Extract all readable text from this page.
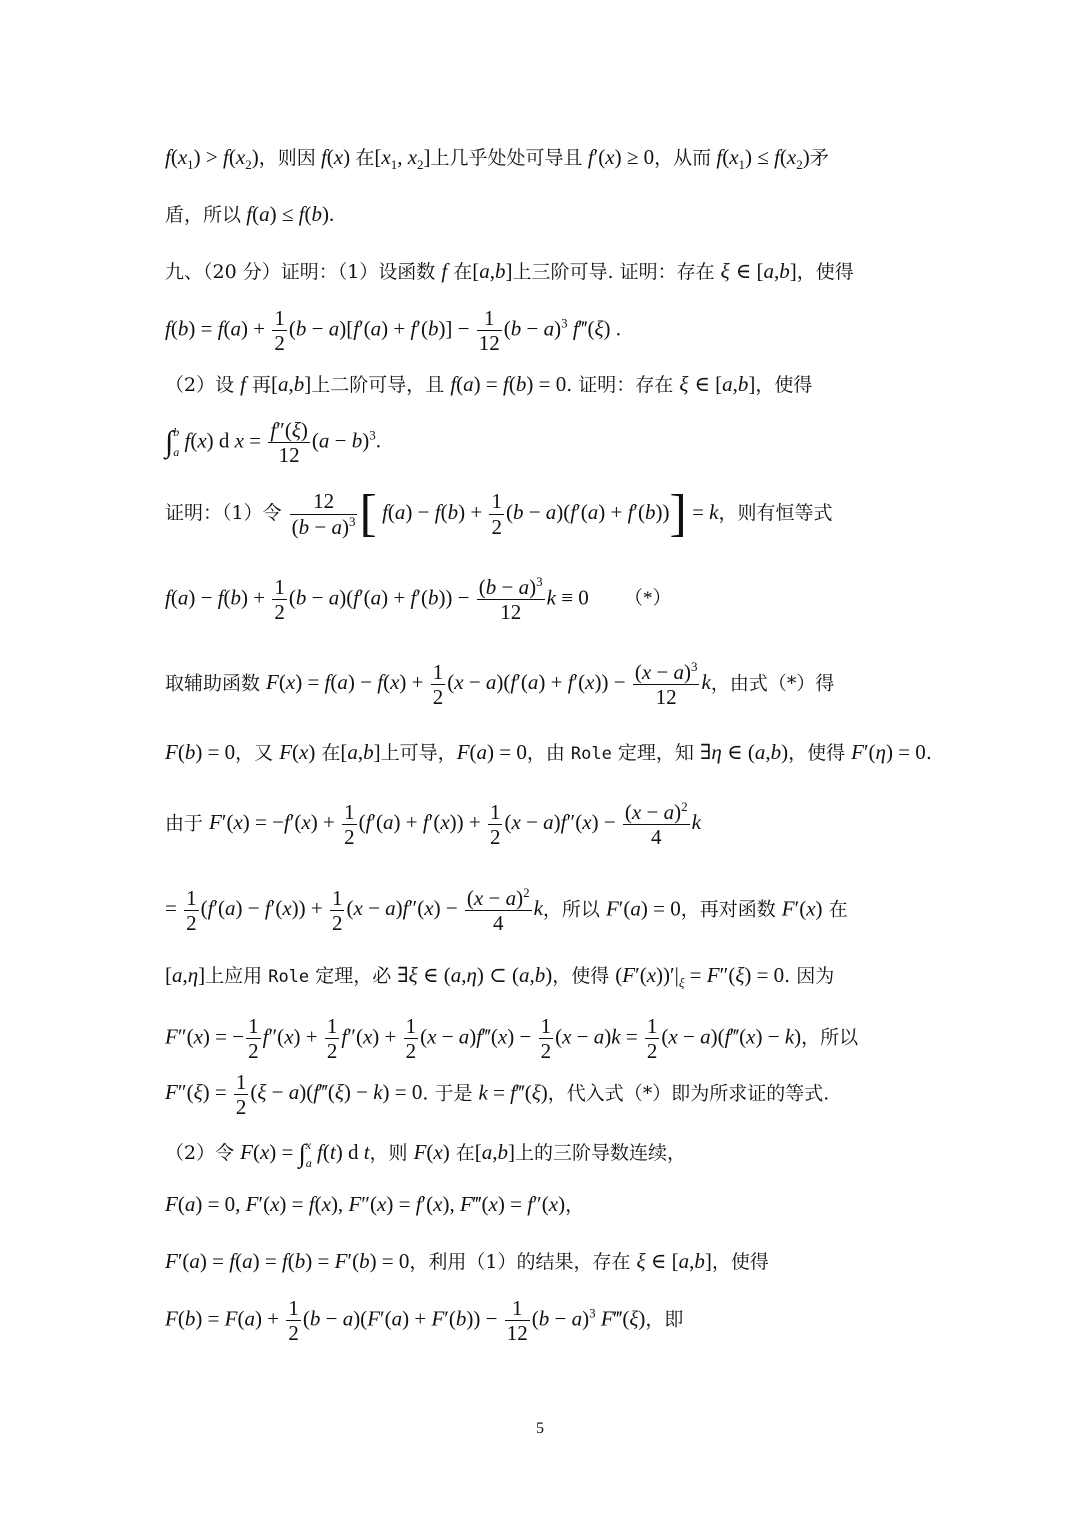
$f(x_1) > f(x_2)$，则因 f(x) 在[$x_1$, $x_2$]上几乎处处可导且 f′(x) ≥ 0，从而 $f(x_1) \le f(x_2)$矛
盾，所以 f(a) ≤ f(b).
九、（20 分）证明：（1）设函数 f 在[a,b]上三阶可导. 证明：存在 ξ ∈ [a,b]，使得
$f(b) = f(a) + \frac{1}{2} (b - a)[f'(a) + f'(b)] - \frac{1}{12} (b - a)^3$ f‴(ξ) .
（2）设 f 再[a,b]上二阶可导，且 f(a) = f(b) = 0. 证明：存在 ξ ∈ [a,b]，使得
∫b
a f(x) d $x = \frac{f''(\xi)}{12} (a - b)^3$.
证明：（1）令 $\frac{12}{(b - a)^3}$ [ $f(a) - f(b) + \frac{1}{2} (b - a)(f'(a) + f'(b))] = k$，则有恒等式
$f(a) - f(b) + \frac{1}{2} (b - a)(f'(a) + f'(b)) - \frac{(b - a)^3}{12}$ k ≡ 0 （*）
取辅助函数 $F(x) = f(a) - f(x) + \frac{1}{2} (x - a)(f'(a) + f'(x)) - \frac{(x - a)^3}{12}$ k，由式（*）得
F(b) = 0，又 F(x) 在[a,b]上可导，F(a) = 0，由 Role 定理，知 ∃η ∈ (a,b)，使得 F′(η) = 0.
由于 $F'(x) = -f'(x) + \frac{1}{2} (f'(a) + f'(x)) + \frac{1}{2} (x - a)f''(x) - \frac{(x - a)^2}{4}$ k
= $\frac{1}{2} (f'(a) - f'(x)) + \frac{1}{2} (x - a)f''(x) - \frac{(x - a)^2}{4}$ k，所以 F′(a) = 0，再对函数 F′(x) 在
[a,η]上应用 Role 定理，必 ∃ξ ∈ (a,η) ⊂ (a,b)，使得 $(F'(x))'|_\xi = F''(\xi) = 0$. 因为
F″(x) = − $\frac{1}{2} f''(x) + \frac{1}{2} f''(x) + \frac{1}{2} (x$ − a)f‴(x) − $\frac{1}{2} (x - a)k = \frac{1}{2} (x$ − a)(f‴(x) − k)，所以
$F''(\xi) = \frac{1}{2} (\xi$ − a)(f‴(ξ) − k) = 0. 于是 k = f‴(ξ)，代入式（*）即为所求证的等式.
（2）令 F(x) = ∫x
a f(t) d t，则 F(x) 在[a,b]上的三阶导数连续，
F(a) = 0, F′(x) = f(x), F″(x) = f′(x), F‴(x) = f″(x)，
F′(a) = f(a) = f(b) = F′(b) = 0，利用（1）的结果，存在 ξ ∈ [a,b]，使得
$F(b) = F(a) + \frac{1}{2} (b - a)(F'(a) + F'(b)) - \frac{1}{12} (b - a)^3$ F‴(ξ)，即
5
